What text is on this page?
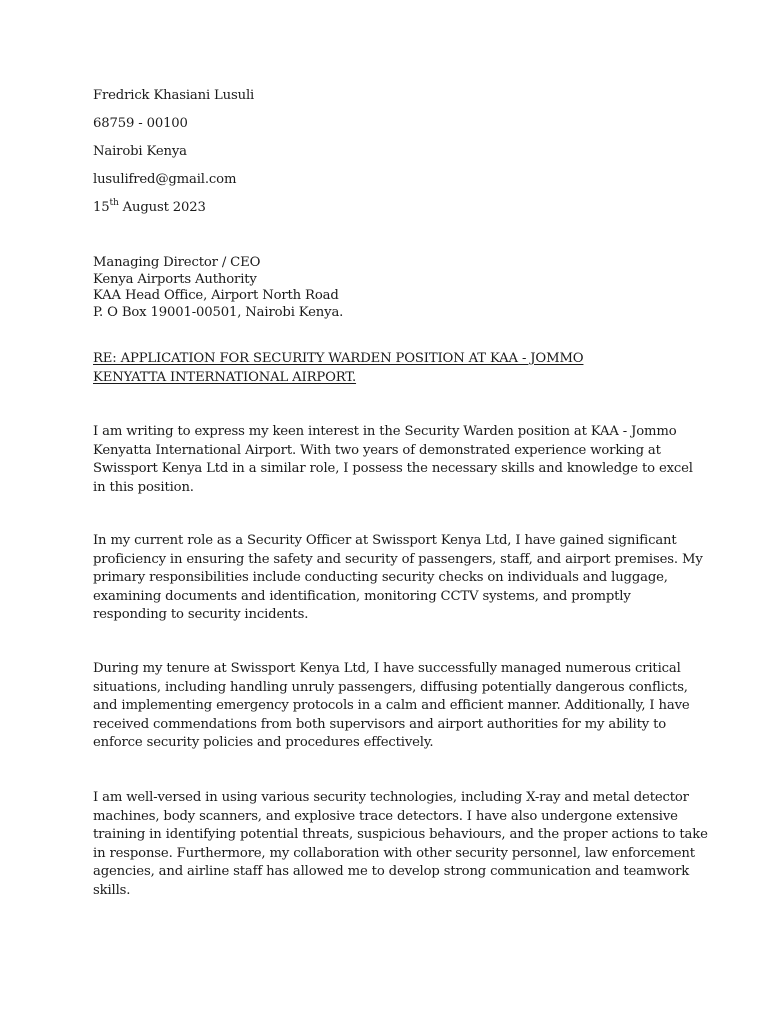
Fredrick Khasiani Lusuli
68759 - 00100
Nairobi Kenya
lusulifred@gmail.com
15th August 2023
Managing Director / CEO
Kenya Airports Authority
KAA Head Office, Airport North Road
P. O Box 19001-00501, Nairobi Kenya.
RE: APPLICATION FOR SECURITY WARDEN POSITION AT KAA - JOMMO
KENYATTA INTERNATIONAL AIRPORT.
I am writing to express my keen interest in the Security Warden position at KAA - Jommo
Kenyatta International Airport. With two years of demonstrated experience working at
Swissport Kenya Ltd in a similar role, I possess the necessary skills and knowledge to excel
in this position.
In my current role as a Security Officer at Swissport Kenya Ltd, I have gained significant
proficiency in ensuring the safety and security of passengers, staff, and airport premises. My
primary responsibilities include conducting security checks on individuals and luggage,
examining documents and identification, monitoring CCTV systems, and promptly
responding to security incidents.
During my tenure at Swissport Kenya Ltd, I have successfully managed numerous critical
situations, including handling unruly passengers, diffusing potentially dangerous conflicts,
and implementing emergency protocols in a calm and efficient manner. Additionally, I have
received commendations from both supervisors and airport authorities for my ability to
enforce security policies and procedures effectively.
I am well-versed in using various security technologies, including X-ray and metal detector
machines, body scanners, and explosive trace detectors. I have also undergone extensive
training in identifying potential threats, suspicious behaviours, and the proper actions to take
in response. Furthermore, my collaboration with other security personnel, law enforcement
agencies, and airline staff has allowed me to develop strong communication and teamwork
skills.
